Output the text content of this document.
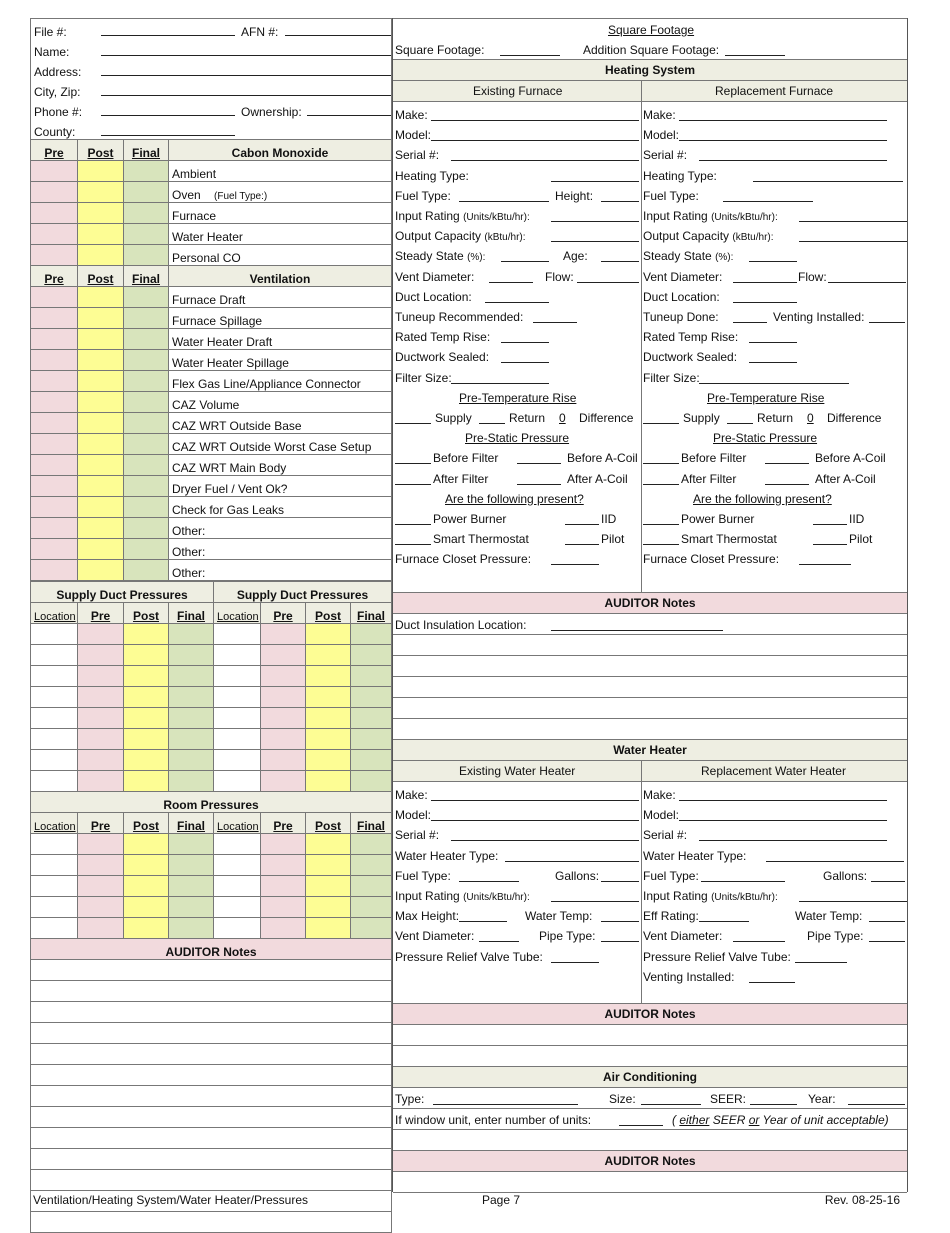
File #:	AFN #:

Name:

Address:

City, Zip:

Phone #:	Ownership:

County:
Pre	Post	Final	Cabon Monoxide
			Ambient
			Oven (Fuel Type:)
			Furnace
			Water Heater
			Personal CO
Pre	Post	Final	Ventilation
			Furnace Draft
			Furnace Spillage
			Water Heater Draft
			Water Heater Spillage
			Flex Gas Line/Appliance Connector
			CAZ Volume
			CAZ WRT Outside Base
			CAZ WRT Outside Worst Case Setup
			CAZ WRT Main Body
			Dryer Fuel / Vent Ok?
			Check for Gas Leaks
			Other:
			Other:
			Other:
Supply Duct Pressures				Supply Duct Pressures			
Location	Pre	Post	Final	Location	Pre	Post	Final

Room Pressures							
Location	Pre	Post	Final	Location	Pre	Post	Final

AUDITOR Notes							

Square Footage
Square Footage:	Addition Square Footage:
Heating System
Existing Furnace	Replacement Furnace
Make:
Model:
Serial #:
Heating Type:
Fuel Type:	Height:
Input Rating (Units/kBtu/hr):
Output Capacity (kBtu/hr):
Steady State (%):	Age:
Vent Diameter:	Flow:
Duct Location:
Tuneup Recommended:
Rated Temp Rise:
Ductwork Sealed:
Filter Size:
Pre-Temperature Rise
Supply	Return 0 Difference
Pre-Static Pressure
Before Filter	Before A-Coil
After Filter	After A-Coil
Are the following present?
Power Burner	IID
Smart Thermostat	Pilot
Furnace Closet Pressure:
Make:
Model:
Serial #:
Heating Type:
Fuel Type:
Input Rating (Units/kBtu/hr):
Output Capacity (kBtu/hr):
Steady State (%):
Vent Diameter:	Flow:
Duct Location:
Tuneup Done:	Venting Installed:
Rated Temp Rise:
Ductwork Sealed:
Filter Size:
Pre-Temperature Rise
Supply	Return 0 Difference
Pre-Static Pressure
Before Filter	Before A-Coil
After Filter	After A-Coil
Are the following present?
Power Burner	IID
Smart Thermostat	Pilot
Furnace Closet Pressure:
AUDITOR Notes
Duct Insulation Location:
Water Heater
Existing Water Heater	Replacement Water Heater
Make:
Model:
Serial #:
Water Heater Type:
Fuel Type:	Gallons:
Input Rating (Units/kBtu/hr):
Max Height:	Water Temp:
Vent Diameter:	Pipe Type:
Pressure Relief Valve Tube:
Make:
Model:
Serial #:
Water Heater Type:
Fuel Type:	Gallons:
Input Rating (Units/kBtu/hr):
Eff Rating:	Water Temp:
Vent Diameter:	Pipe Type:
Pressure Relief Valve Tube:
Venting Installed:
AUDITOR Notes
Air Conditioning
Type:	Size:	SEER:	Year:
If window unit, enter number of units:	( either SEER or Year of unit acceptable)
AUDITOR Notes
Ventilation/Heating System/Water Heater/Pressures	Page 7	Rev. 08-25-16
